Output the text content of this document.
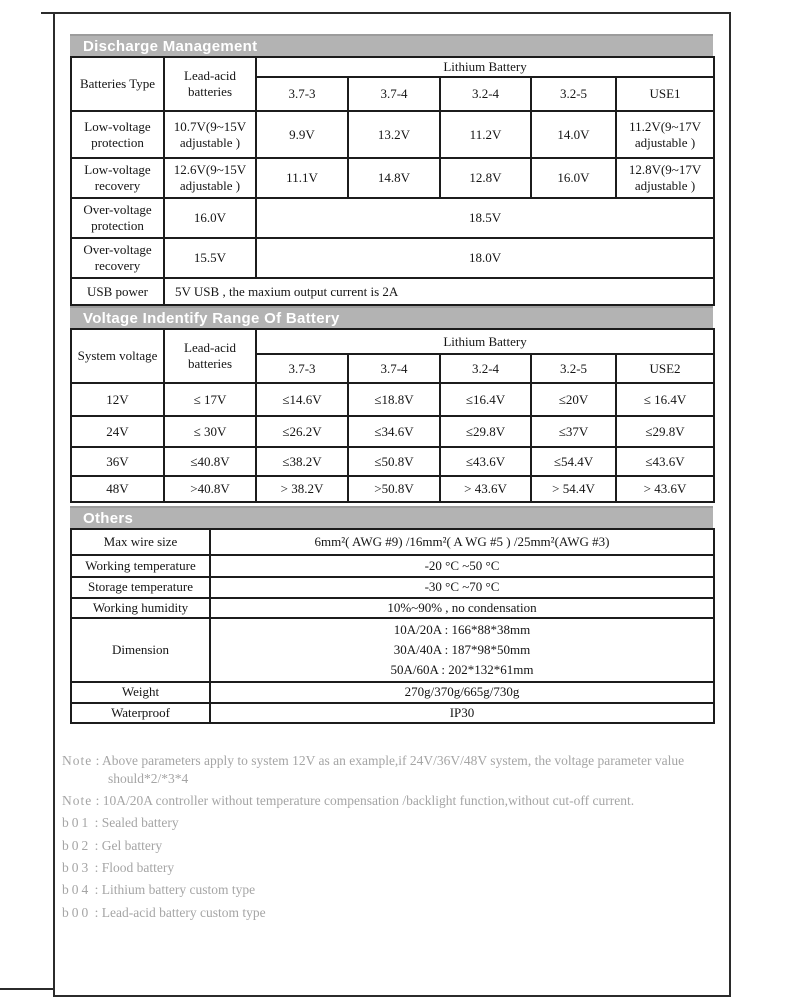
Discharge Management
Batteries Type	Lead-acid batteries	Lithium Battery				
		3.7-3	3.7-4	3.2-4	3.2-5	USE1
Low-voltage protection	10.7V(9~15V adjustable )	9.9V	13.2V	11.2V	14.0V	11.2V(9~17V adjustable )
Low-voltage recovery	12.6V(9~15V adjustable )	11.1V	14.8V	12.8V	16.0V	12.8V(9~17V adjustable )
Over-voltage protection	16.0V	18.5V				
Over-voltage recovery	15.5V	18.0V				
USB power	5V USB , the maxium output current is 2A					
Voltage Indentify Range Of Battery
System voltage	Lead-acid batteries	Lithium Battery				
		3.7-3	3.7-4	3.2-4	3.2-5	USE2
12V	≤ 17V	≤14.6V	≤18.8V	≤16.4V	≤20V	≤ 16.4V
24V	≤ 30V	≤26.2V	≤34.6V	≤29.8V	≤37V	≤29.8V
36V	≤40.8V	≤38.2V	≤50.8V	≤43.6V	≤54.4V	≤43.6V
48V	>40.8V	> 38.2V	>50.8V	> 43.6V	> 54.4V	> 43.6V
Others
Max wire size	6mm²( AWG #9) /16mm²( A WG #5 ) /25mm²(AWG #3)
Working temperature	-20 °C ~50 °C
Storage temperature	-30 °C ~70 °C
Working humidity	10%~90% , no condensation
Dimension	10A/20A : 166*88*38mm
30A/40A : 187*98*50mm
50A/60A : 202*132*61mm

Weight	270g/370g/665g/730g
Waterproof	IP30
Note : Above parameters apply to system 12V as an example,if 24V/36V/48V system, the voltage parameter value should*2/*3*4
Note : 10A/20A controller without temperature compensation /backlight function,without cut-off current.
b01 : Sealed battery
b02 : Gel battery
b03 : Flood battery
b04 : Lithium battery custom type
b00 : Lead-acid battery custom type
